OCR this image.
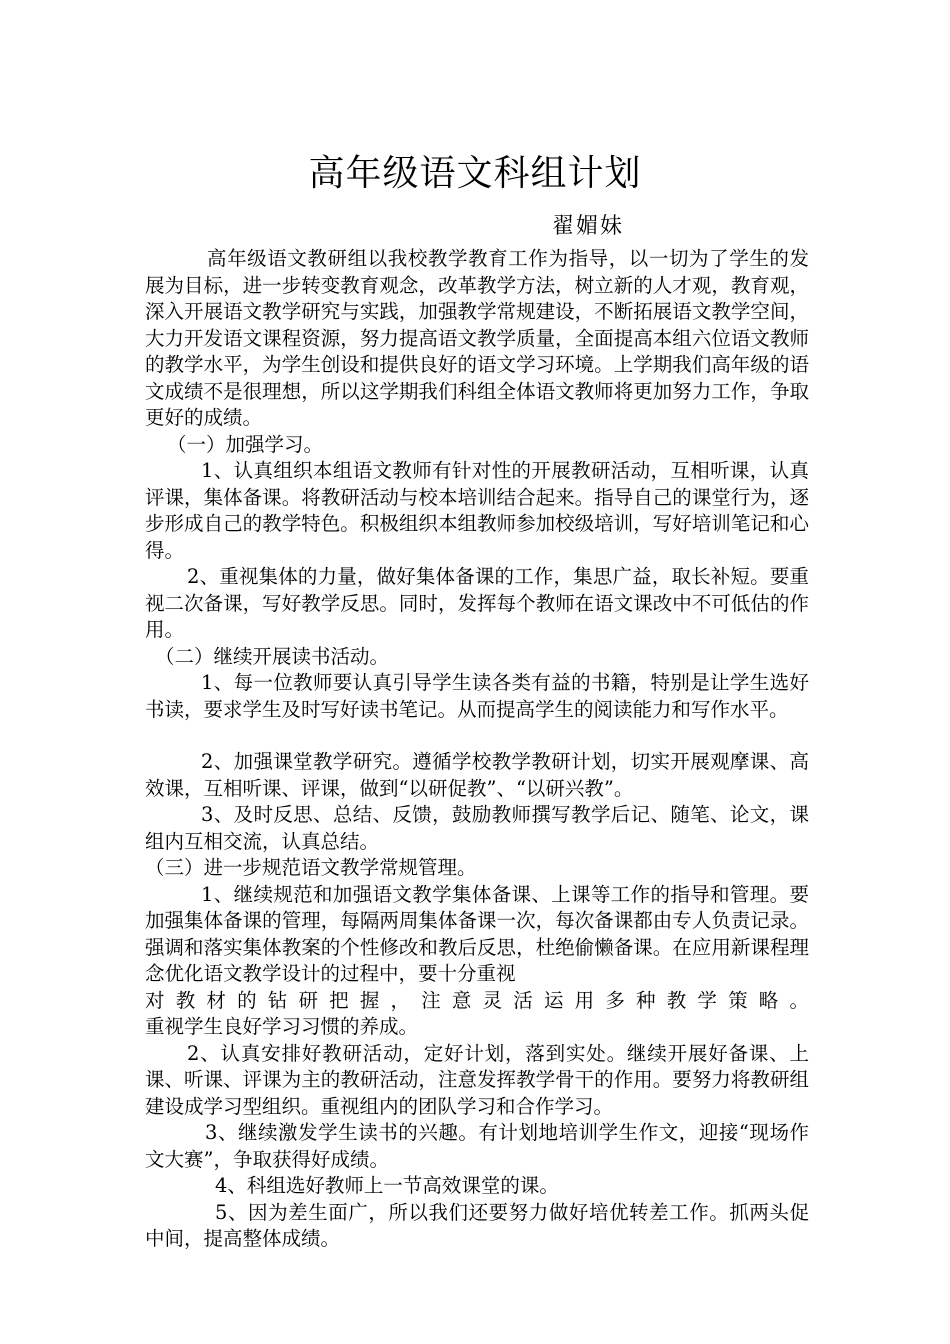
高年级语文科组计划
翟媚妹

高年级语文教研组以我校教学教育工作为指导，以一切为了学生的发展为目标，进一步转变教育观念，改革教学方法，树立新的人才观，教育观，深入开展语文教学研究与实践，加强教学常规建设，不断拓展语文教学空间，大力开发语文课程资源，努力提高语文教学质量，全面提高本组六位语文教师的教学水平，为学生创设和提供良好的语文学习环境。上学期我们高年级的语文成绩不是很理想，所以这学期我们科组全体语文教师将更加努力工作，争取更好的成绩。

（一）加强学习。

1、认真组织本组语文教师有针对性的开展教研活动，互相听课，认真评课，集体备课。将教研活动与校本培训结合起来。指导自己的课堂行为，逐步形成自己的教学特色。积极组织本组教师参加校级培训，写好培训笔记和心得。

2、重视集体的力量，做好集体备课的工作，集思广益，取长补短。要重视二次备课，写好教学反思。同时，发挥每个教师在语文课改中不可低估的作用。

（二）继续开展读书活动。

1、每一位教师要认真引导学生读各类有益的书籍，特别是让学生选好书读，要求学生及时写好读书笔记。从而提高学生的阅读能力和写作水平。

2、加强课堂教学研究。遵循学校教学教研计划，切实开展观摩课、高效课，互相听课、评课，做到“以研促教”、“以研兴教”。

3、及时反思、总结、反馈，鼓励教师撰写教学后记、随笔、论文，课组内互相交流，认真总结。

（三）进一步规范语文教学常规管理。

1、继续规范和加强语文教学集体备课、上课等工作的指导和管理。要加强集体备课的管理，每隔两周集体备课一次，每次备课都由专人负责记录。强调和落实集体教案的个性修改和教后反思，杜绝偷懒备课。在应用新课程理念优化语文教学设计的过程中，要十分重视

对教材的钻研把握，注意灵活运用多种教学策略。

重视学生良好学习习惯的养成。

2、认真安排好教研活动，定好计划，落到实处。继续开展好备课、上课、听课、评课为主的教研活动，注意发挥教学骨干的作用。要努力将教研组建设成学习型组织。重视组内的团队学习和合作学习。

3、继续激发学生读书的兴趣。有计划地培训学生作文，迎接“现场作文大赛”，争取获得好成绩。

4、科组选好教师上一节高效课堂的课。

5、因为差生面广，所以我们还要努力做好培优转差工作。抓两头促中间，提高整体成绩。
